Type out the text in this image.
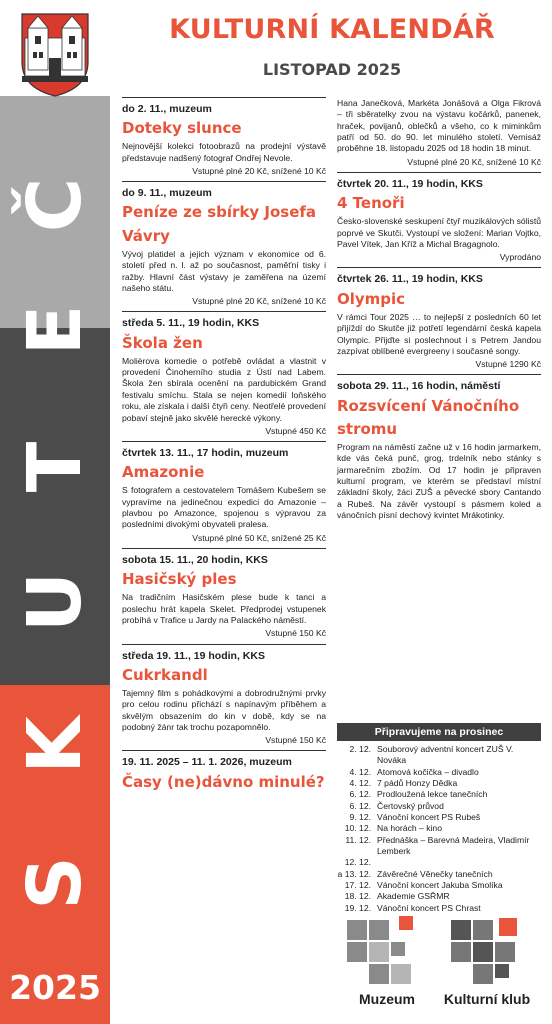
Č
E
T
U
K
S
2025
KULTURNÍ KALENDÁŘ
LISTOPAD 2025
do 2. 11., muzeum
Doteky slunce
Nejnovější kolekci fotoobrazů na prodejní výstavě představuje nadšený fotograf Ondřej Nevole.
Vstupné plné 20 Kč, snížené 10 Kč
do 9. 11., muzeum
Peníze ze sbírky Josefa Vávry
Vývoj platidel a jejich význam v ekonomice od 6. století před n. l. až po současnost, paměťní tisky i ražby. Hlavní část výstavy je zaměřena na území našeho státu.
Vstupné plné 20 Kč, snížené 10 Kč
středa 5. 11., 19 hodin, KKS
Škola žen
Molièrova komedie o potřebě ovládat a vlastnit v provedení Činoherního studia z Ústí nad Labem. Škola žen sbírala ocenění na pardubickém Grand festivalu smíchu. Stala se nejen komedií loňského roku, ale získala i další čtyři ceny. Neotřelé provedení pobaví stejně jako skvělé herecké výkony.
Vstupné 450 Kč
čtvrtek 13. 11., 17 hodin, muzeum
Amazonie
S fotografem a cestovatelem Tomášem Kubešem se vypravíme na jedinečnou expedici do Amazonie – plavbou po Amazonce, spojenou s výpravou za posledními divokými obyvateli pralesa.
Vstupné plné 50 Kč, snížené 25 Kč
sobota 15. 11., 20 hodin, KKS
Hasičský ples
Na tradičním Hasičském plese bude k tanci a poslechu hrát kapela Skelet. Předprodej vstupenek probíhá v Trafice u Jardy na Palackého náměstí.
Vstupné 150 Kč
středa 19. 11., 19 hodin, KKS
Cukrkandl
Tajemný film s pohádkovými a dobrodružnými prvky pro celou rodinu přichází s napínavým příběhem a skvělým obsazením do kin v době, kdy se na podobný žánr tak trochu pozapomnělo.
Vstupné 150 Kč
19. 11. 2025 – 11. 1. 2026, muzeum
Časy (ne)dávno minulé?
Hana Janečková, Markéta Jonášová a Olga Fikrová – tři sběratelky zvou na výstavu kočárků, panenek, hraček, povijanů, oblečků a všeho, co k miminkům patří od 50. do 90. let minulého století. Vernisáž proběhne 18. listopadu 2025 od 18 hodin 18 minut.
Vstupné plné 20 Kč, snížené 10 Kč
čtvrtek 20. 11., 19 hodin, KKS
4 Tenoři
Česko-slovenské seskupení čtyř muzikálových sólistů poprvé ve Skutči. Vystoupí ve složení: Marian Vojtko, Pavel Vítek, Jan Kříž a Michal Bragagnolo.
Vyprodáno
čtvrtek 26. 11., 19 hodin, KKS
Olympic
V rámci Tour 2025 … to nejlepší z posledních 60 let přijíždí do Skutče již potřetí legendární česká kapela Olympic. Přijďte si poslechnout i s Petrem Jandou zazpívat oblíbené evergreeny i současné songy.
Vstupné 1290 Kč
sobota 29. 11., 16 hodin, náměstí
Rozsvícení Vánočního stromu
Program na náměstí začne už v 16 hodin jarmarkem, kde vás čeká punč, grog, trdelník nebo stánky s jarmarečním zbožím. Od 17 hodin je připraven kulturní program, ve kterém se představí místní základní školy, žáci ZUŠ a pěvecké sbory Cantando a Rubeš. Na závěr vystoupí s pásmem koled a vánočních písní dechový kvintet Mrákotinky.
Připravujeme na prosinec
2. 12. Souborový adventní koncert ZUŠ V. Nováka
4. 12. Atomová kočička – divadlo
4. 12. 7 pádů Honzy Dědka
6. 12. Prodloužená lekce tanečních
6. 12. Čertovský průvod
9. 12. Vánoční koncert PS Rubeš
10. 12. Na horách – kino
11. 12. Přednáška – Barevná Madeira, Vladimír Lemberk
12. 12.
a 13. 12. Závěrečné Věnečky tanečních
17. 12. Vánoční koncert Jakuba Smolíka
18. 12. Akademie GSŘMR
19. 12. Vánoční koncert PS Chrast
Muzeum	Kulturní klub
